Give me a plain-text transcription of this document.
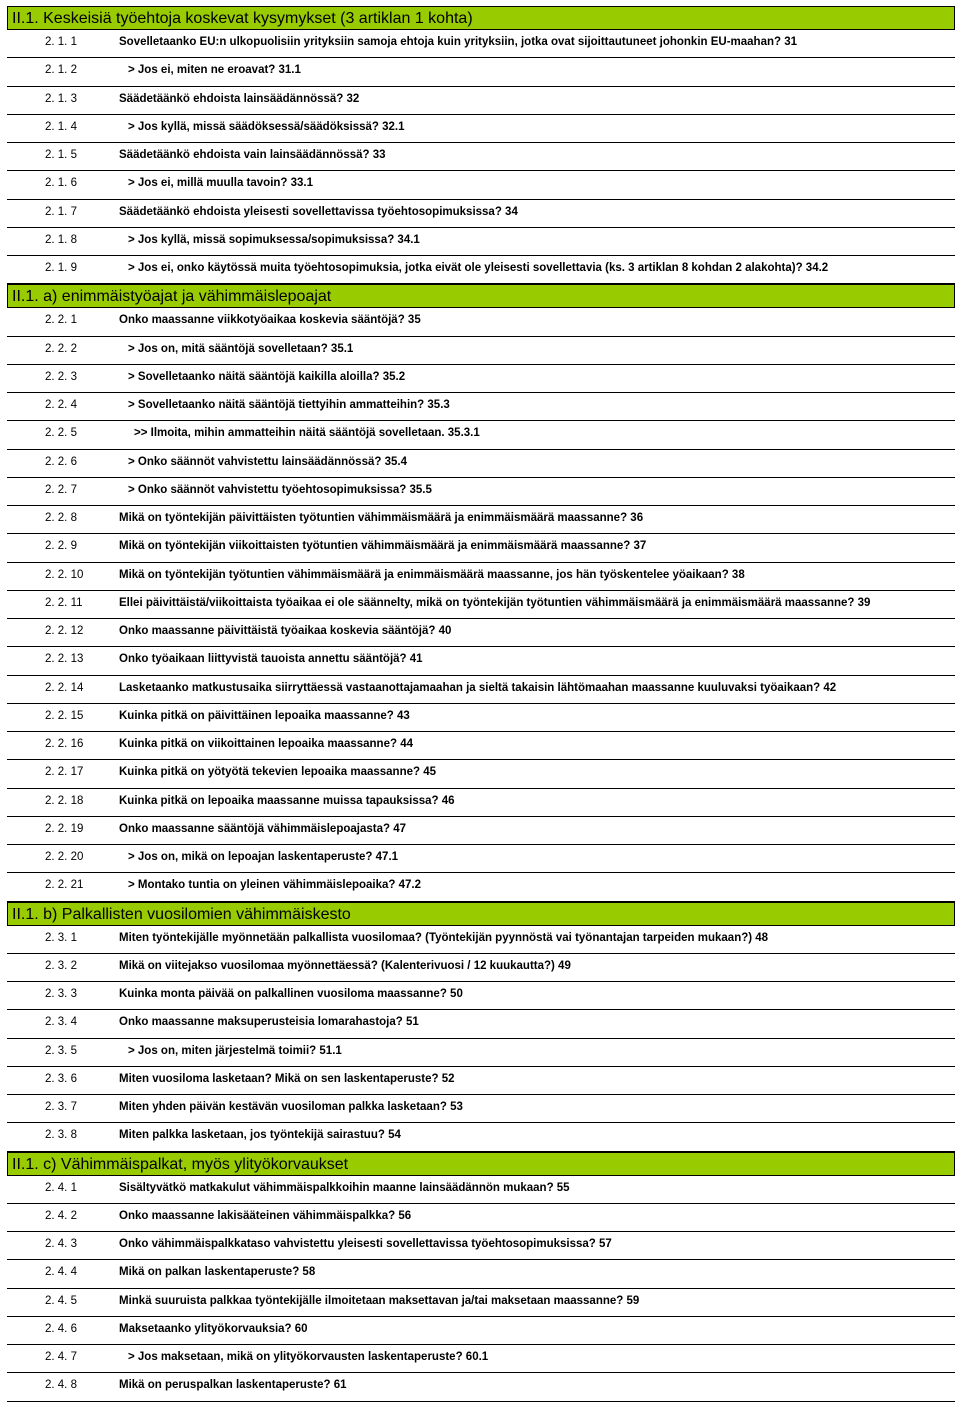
II.1. Keskeisiä työehtoja koskevat kysymykset (3 artiklan 1 kohta)
2. 1. 1	Sovelletaanko EU:n ulkopuolisiin yrityksiin samoja ehtoja kuin yrityksiin, jotka ovat sijoittautuneet johonkin EU-maahan? 31
2. 1. 2	> Jos ei, miten ne eroavat? 31.1
2. 1. 3	Säädetäänkö ehdoista lainsäädännössä? 32
2. 1. 4	> Jos kyllä, missä säädöksessä/säädöksissä? 32.1
2. 1. 5	Säädetäänkö ehdoista vain lainsäädännössä? 33
2. 1. 6	> Jos ei, millä muulla tavoin? 33.1
2. 1. 7	Säädetäänkö ehdoista yleisesti sovellettavissa työehtosopimuksissa? 34
2. 1. 8	> Jos kyllä, missä sopimuksessa/sopimuksissa? 34.1
2. 1. 9	> Jos ei, onko käytössä muita työehtosopimuksia, jotka eivät ole yleisesti sovellettavia (ks. 3 artiklan 8 kohdan 2 alakohta)? 34.2
II.1. a) enimmäistyöajat ja vähimmäislepoajat
2. 2. 1	Onko maassanne viikkotyöaikaa koskevia sääntöjä? 35
2. 2. 2	> Jos on, mitä sääntöjä sovelletaan? 35.1
2. 2. 3	> Sovelletaanko näitä sääntöjä kaikilla aloilla? 35.2
2. 2. 4	> Sovelletaanko näitä sääntöjä tiettyihin ammatteihin? 35.3
2. 2. 5	>> Ilmoita, mihin ammatteihin näitä sääntöjä sovelletaan. 35.3.1
2. 2. 6	> Onko säännöt vahvistettu lainsäädännössä? 35.4
2. 2. 7	> Onko säännöt vahvistettu työehtosopimuksissa? 35.5
2. 2. 8	Mikä on työntekijän päivittäisten työtuntien vähimmäismäärä ja enimmäismäärä maassanne? 36
2. 2. 9	Mikä on työntekijän viikoittaisten työtuntien vähimmäismäärä ja enimmäismäärä maassanne? 37
2. 2. 10	Mikä on työntekijän työtuntien vähimmäismäärä ja enimmäismäärä maassanne, jos hän työskentelee yöaikaan? 38
2. 2. 11	Ellei päivittäistä/viikoittaista työaikaa ei ole säännelty, mikä on työntekijän työtuntien vähimmäismäärä ja enimmäismäärä maassanne? 39
2. 2. 12	Onko maassanne päivittäistä työaikaa koskevia sääntöjä? 40
2. 2. 13	Onko työaikaan liittyvistä tauoista annettu sääntöjä? 41
2. 2. 14	Lasketaanko matkustusaika siirryttäessä vastaanottajamaahan ja sieltä takaisin lähtömaahan maassanne kuuluvaksi työaikaan? 42
2. 2. 15	Kuinka pitkä on päivittäinen lepoaika maassanne? 43
2. 2. 16	Kuinka pitkä on viikoittainen lepoaika maassanne? 44
2. 2. 17	Kuinka pitkä on yötyötä tekevien lepoaika maassanne? 45
2. 2. 18	Kuinka pitkä on lepoaika maassanne muissa tapauksissa? 46
2. 2. 19	Onko maassanne sääntöjä vähimmäislepoajasta? 47
2. 2. 20	> Jos on, mikä on lepoajan laskentaperuste? 47.1
2. 2. 21	> Montako tuntia on yleinen vähimmäislepoaika? 47.2
II.1. b) Palkallisten vuosilomien vähimmäiskesto
2. 3. 1	Miten työntekijälle myönnetään palkallista vuosilomaa? (Työntekijän pyynnöstä vai työnantajan tarpeiden mukaan?) 48
2. 3. 2	Mikä on viitejakso vuosilomaa myönnettäessä? (Kalenterivuosi / 12 kuukautta?) 49
2. 3. 3	Kuinka monta päivää on palkallinen vuosiloma maassanne? 50
2. 3. 4	Onko maassanne maksuperusteisia lomarahastoja? 51
2. 3. 5	> Jos on, miten järjestelmä toimii? 51.1
2. 3. 6	Miten vuosiloma lasketaan? Mikä on sen laskentaperuste? 52
2. 3. 7	Miten yhden päivän kestävän vuosiloman palkka lasketaan? 53
2. 3. 8	Miten palkka lasketaan, jos työntekijä sairastuu? 54
II.1. c) Vähimmäispalkat, myös ylityökorvaukset
2. 4. 1	Sisältyvätkö matkakulut vähimmäispalkkoihin maanne lainsäädännön mukaan? 55
2. 4. 2	Onko maassanne lakisääteinen vähimmäispalkka? 56
2. 4. 3	Onko vähimmäispalkkataso vahvistettu yleisesti sovellettavissa työehtosopimuksissa? 57
2. 4. 4	Mikä on palkan laskentaperuste? 58
2. 4. 5	Minkä suuruista palkkaa työntekijälle ilmoitetaan maksettavan ja/tai maksetaan maassanne? 59
2. 4. 6	Maksetaanko ylityökorvauksia? 60
2. 4. 7	> Jos maksetaan, mikä on ylityökorvausten laskentaperuste? 60.1
2. 4. 8	Mikä on peruspalkan laskentaperuste? 61
